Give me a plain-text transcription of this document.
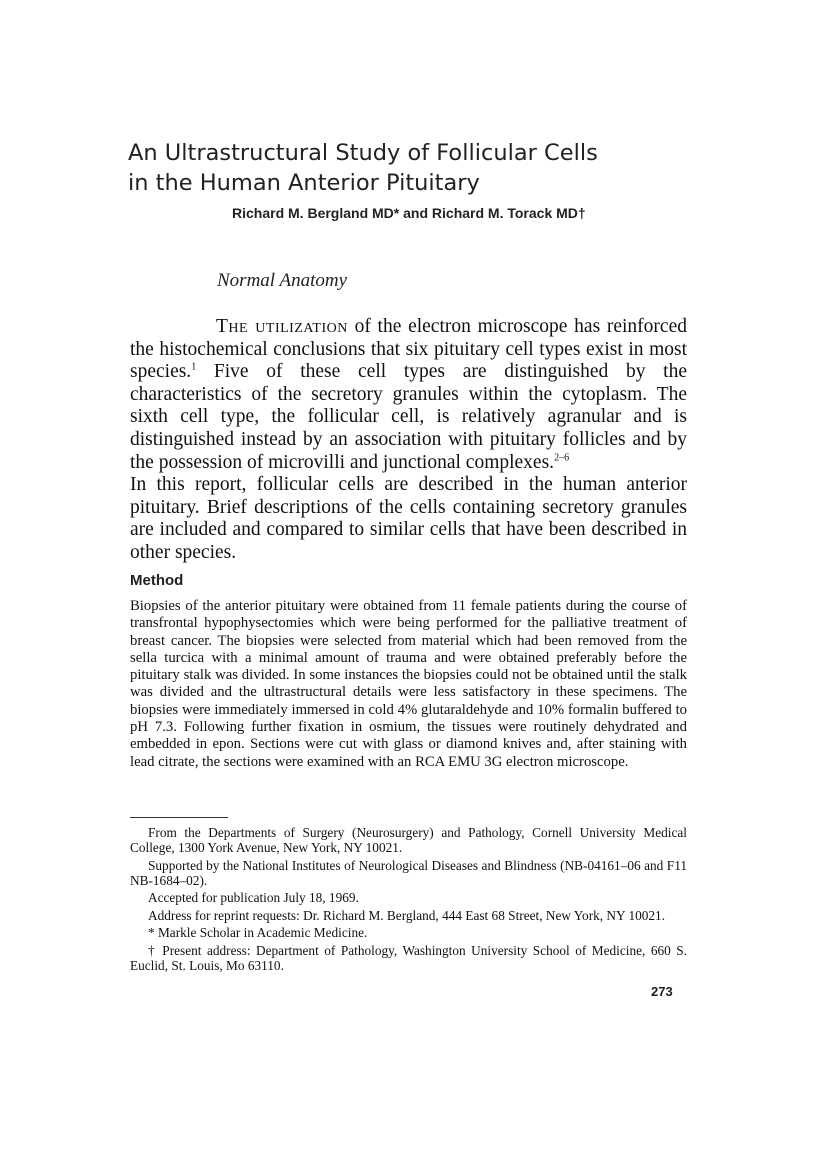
An Ultrastructural Study of Follicular Cells
in the Human Anterior Pituitary
Richard M. Bergland MD* and Richard M. Torack MD†
Normal Anatomy

The utilization of the electron microscope has reinforced the histochemical conclusions that six pituitary cell types exist in most species.$^1$ Five of these cell types are distinguished by the characteristics of the secretory granules within the cytoplasm. The sixth cell type, the follicular cell, is relatively agranular and is distinguished instead by an association with pituitary follicles and by the possession of microvilli and junctional complexes.$^{2-6}$

In this report, follicular cells are described in the human anterior pituitary. Brief descriptions of the cells containing secretory granules are included and compared to similar cells that have been described in other species.

Method

Biopsies of the anterior pituitary were obtained from 11 female patients during the course of transfrontal hypophysectomies which were being performed for the palliative treatment of breast cancer. The biopsies were selected from material which had been removed from the sella turcica with a minimal amount of trauma and were obtained preferably before the pituitary stalk was divided. In some instances the biopsies could not be obtained until the stalk was divided and the ultrastructural details were less satisfactory in these specimens. The biopsies were immediately immersed in cold 4% glutaraldehyde and 10% formalin buffered to pH 7.3. Following further fixation in osmium, the tissues were routinely dehydrated and embedded in epon. Sections were cut with glass or diamond knives and, after staining with lead citrate, the sections were examined with an RCA EMU 3G electron microscope.

From the Departments of Surgery (Neurosurgery) and Pathology, Cornell University Medical College, 1300 York Avenue, New York, NY 10021.

Supported by the National Institutes of Neurological Diseases and Blindness (NB-04161–06 and F11 NB-1684–02).

Accepted for publication July 18, 1969.

Address for reprint requests: Dr. Richard M. Bergland, 444 East 68 Street, New York, NY 10021.

* Markle Scholar in Academic Medicine.

† Present address: Department of Pathology, Washington University School of Medicine, 660 S. Euclid, St. Louis, Mo 63110.

273
